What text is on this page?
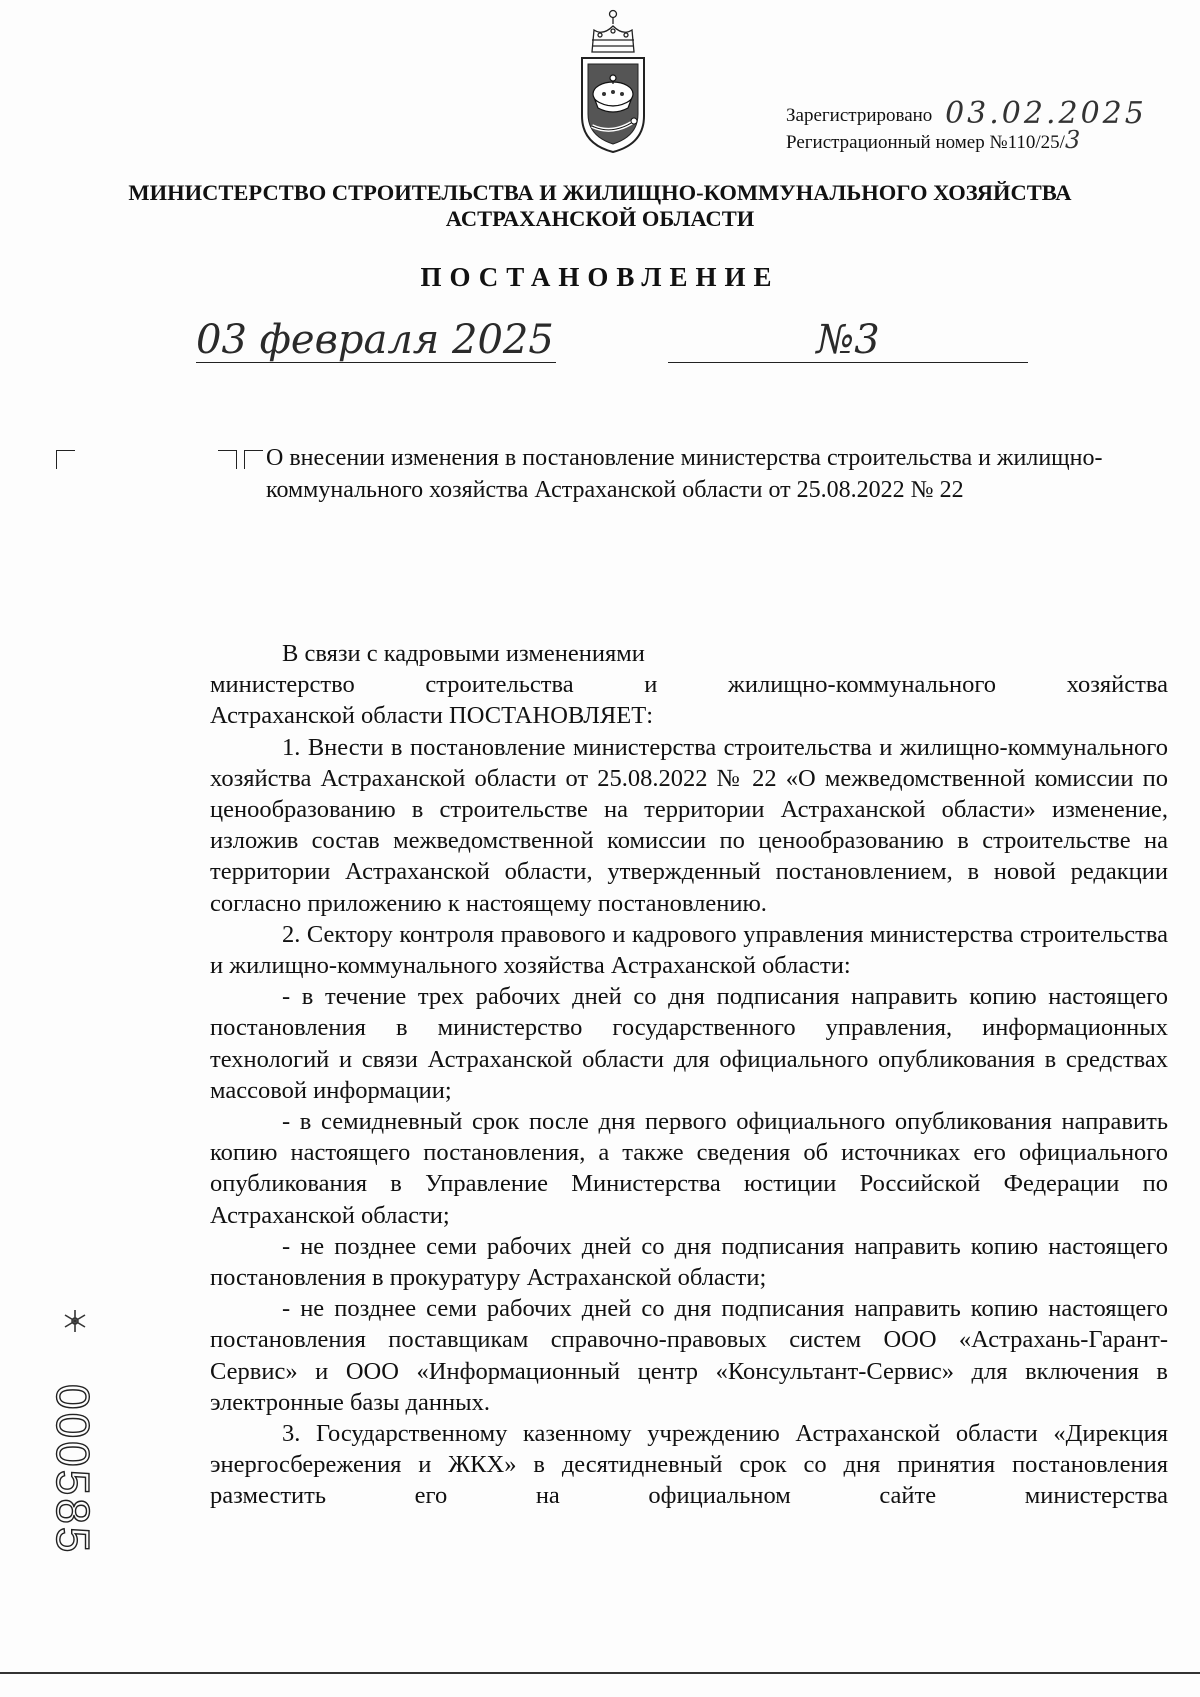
Зарегистрировано 03.02.2025
Регистрационный номер №110/25/3
МИНИСТЕРСТВО СТРОИТЕЛЬСТВА И ЖИЛИЩНО-КОММУНАЛЬНОГО ХОЗЯЙСТВА
АСТРАХАНСКОЙ ОБЛАСТИ
ПОСТАНОВЛЕНИЕ
03 февраля 2025	№3
О внесении изменения в постановление министерства строительства и жилищно-коммунального хозяйства Астраханской области от 25.08.2022 № 22

В связи с кадровыми изменениями

министерство строительства и жилищно-коммунального хозяйства

Астраханской области ПОСТАНОВЛЯЕТ:

1. Внести в постановление министерства строительства и жилищно-коммунального хозяйства Астраханской области от 25.08.2022 № 22 «О межведомственной комиссии по ценообразованию в строительстве на территории Астраханской области» изменение, изложив состав межведомственной комиссии по ценообразованию в строительстве на территории Астраханской области, утвержденный постановлением, в новой редакции согласно приложению к настоящему постановлению.

2. Сектору контроля правового и кадрового управления министерства строительства и жилищно-коммунального хозяйства Астраханской области:

- в течение трех рабочих дней со дня подписания направить копию настоящего постановления в министерство государственного управления, информационных технологий и связи Астраханской области для официального опубликования в средствах массовой информации;

- в семидневный срок после дня первого официального опубликования направить копию настоящего постановления, а также сведения об источниках его официального опубликования в Управление Министерства юстиции Российской Федерации по Астраханской области;

- не позднее семи рабочих дней со дня подписания направить копию настоящего постановления в прокуратуру Астраханской области;

- не позднее семи рабочих дней со дня подписания направить копию настоящего постановления поставщикам справочно-правовых систем ООО «Астрахань-Гарант-Сервис» и ООО «Информационный центр «Консультант-Сервис» для включения в электронные базы данных.

3. Государственному казенному учреждению Астраханской области «Дирекция энергосбережения и ЖКХ» в десятидневный срок со дня принятия постановления разместить его на официальном сайте министерства

000585
